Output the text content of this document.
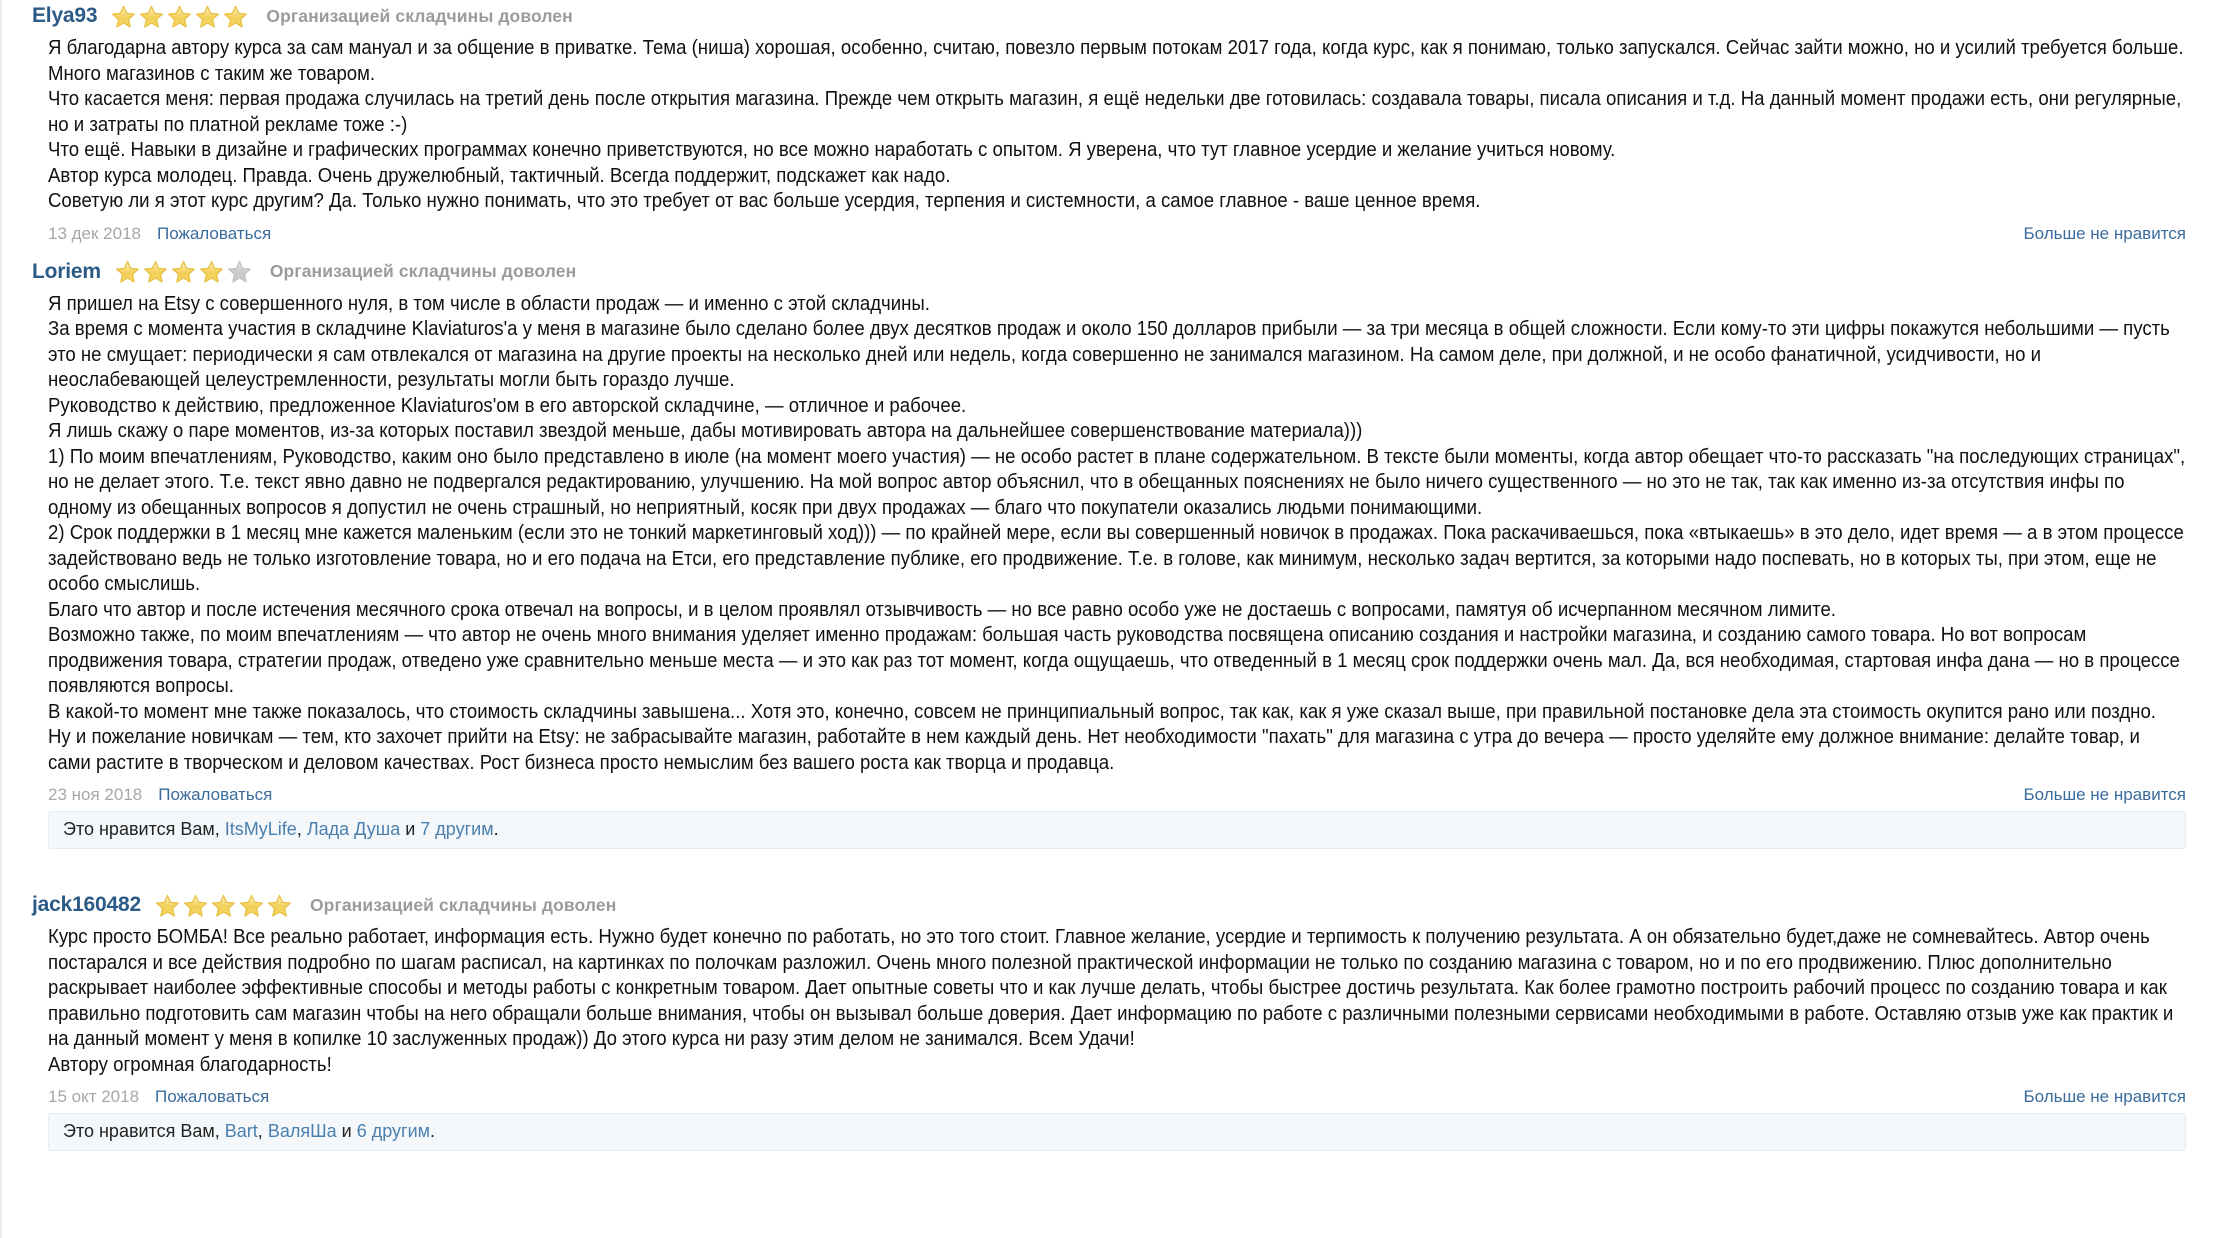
Elya93	Организацией складчины доволен

Я благодарна автору курса за сам мануал и за общение в приватке. Тема (ниша) хорошая, особенно, считаю, повезло первым потокам 2017 года, когда курс, как я понимаю, только запускался. Сейчас зайти можно, но и усилий требуется больше. Много магазинов с таким же товаром.

Что касается меня: первая продажа случилась на третий день после открытия магазина. Прежде чем открыть магазин, я ещё недельки две готовилась: создавала товары, писала описания и т.д. На данный момент продажи есть, они регулярные, но и затраты по платной рекламе тоже :-)

Что ещё. Навыки в дизайне и графических программах конечно приветствуются, но все можно наработать с опытом. Я уверена, что тут главное усердие и желание учиться новому.

Автор курса молодец. Правда. Очень дружелюбный, тактичный. Всегда поддержит, подскажет как надо.

Советую ли я этот курс другим? Да. Только нужно понимать, что это требует от вас больше усердия, терпения и системности, а самое главное - ваше ценное время.

13 дек 2018 Пожаловаться	Больше не нравится
Loriem	Организацией складчины доволен

Я пришел на Etsy с совершенного нуля, в том числе в области продаж — и именно с этой складчины.

За время с момента участия в складчине Klaviaturos'а у меня в магазине было сделано более двух десятков продаж и около 150 долларов прибыли — за три месяца в общей сложности. Если кому-то эти цифры покажутся небольшими — пусть это не смущает: периодически я сам отвлекался от магазина на другие проекты на несколько дней или недель, когда совершенно не занимался магазином. На самом деле, при должной, и не особо фанатичной, усидчивости, но и неослабевающей целеустремленности, результаты могли быть гораздо лучше.

Руководство к действию, предложенное Klaviaturos'ом в его авторской складчине, — отличное и рабочее.

Я лишь скажу о паре моментов, из-за которых поставил звездой меньше, дабы мотивировать автора на дальнейшее совершенствование материала)))

1) По моим впечатлениям, Руководство, каким оно было представлено в июле (на момент моего участия) — не особо растет в плане содержательном. В тексте были моменты, когда автор обещает что-то рассказать "на последующих страницах", но не делает этого. Т.е. текст явно давно не подвергался редактированию, улучшению. На мой вопрос автор объяснил, что в обещанных пояснениях не было ничего существенного — но это не так, так как именно из-за отсутствия инфы по одному из обещанных вопросов я допустил не очень страшный, но неприятный, косяк при двух продажах — благо что покупатели оказались людьми понимающими.

2) Срок поддержки в 1 месяц мне кажется маленьким (если это не тонкий маркетинговый ход))) — по крайней мере, если вы совершенный новичок в продажах. Пока раскачиваешься, пока «втыкаешь» в это дело, идет время — а в этом процессе задействовано ведь не только изготовление товара, но и его подача на Етси, его представление публике, его продвижение. Т.е. в голове, как минимум, несколько задач вертится, за которыми надо поспевать, но в которых ты, при этом, еще не особо смыслишь.

Благо что автор и после истечения месячного срока отвечал на вопросы, и в целом проявлял отзывчивость — но все равно особо уже не достаешь с вопросами, памятуя об исчерпанном месячном лимите.

Возможно также, по моим впечатлениям — что автор не очень много внимания уделяет именно продажам: большая часть руководства посвящена описанию создания и настройки магазина, и созданию самого товара. Но вот вопросам продвижения товара, стратегии продаж, отведено уже сравнительно меньше места — и это как раз тот момент, когда ощущаешь, что отведенный в 1 месяц срок поддержки очень мал. Да, вся необходимая, стартовая инфа дана — но в процессе появляются вопросы.

В какой-то момент мне также показалось, что стоимость складчины завышена... Хотя это, конечно, совсем не принципиальный вопрос, так как, как я уже сказал выше, при правильной постановке дела эта стоимость окупится рано или поздно.

Ну и пожелание новичкам — тем, кто захочет прийти на Etsy: не забрасывайте магазин, работайте в нем каждый день. Нет необходимости "пахать" для магазина с утра до вечера — просто уделяйте ему должное внимание: делайте товар, и сами растите в творческом и деловом качествах. Рост бизнеса просто немыслим без вашего роста как творца и продавца.

23 ноя 2018 Пожаловаться	Больше не нравится
Это нравится Вам, ItsMyLife, Лада Душа и 7 другим.
jack160482	Организацией складчины доволен

Курс просто БОМБА! Все реально работает, информация есть. Нужно будет конечно по работать, но это того стоит. Главное желание, усердие и терпимость к получению результата. А он обязательно будет,даже не сомневайтесь. Автор очень постарался и все действия подробно по шагам расписал, на картинках по полочкам разложил. Очень много полезной практической информации не только по созданию магазина с товаром, но и по его продвижению. Плюс дополнительно раскрывает наиболее эффективные способы и методы работы с конкретным товаром. Дает опытные советы что и как лучше делать, чтобы быстрее достичь результата. Как более грамотно построить рабочий процесс по созданию товара и как правильно подготовить сам магазин чтобы на него обращали больше внимания, чтобы он вызывал больше доверия. Дает информацию по работе с различными полезными сервисами необходимыми в работе. Оставляю отзыв уже как практик и на данный момент у меня в копилке 10 заслуженных продаж)) До этого курса ни разу этим делом не занимался. Всем Удачи!

Автору огромная благодарность!

15 окт 2018 Пожаловаться	Больше не нравится
Это нравится Вам, Bart, ВаляШа и 6 другим.
